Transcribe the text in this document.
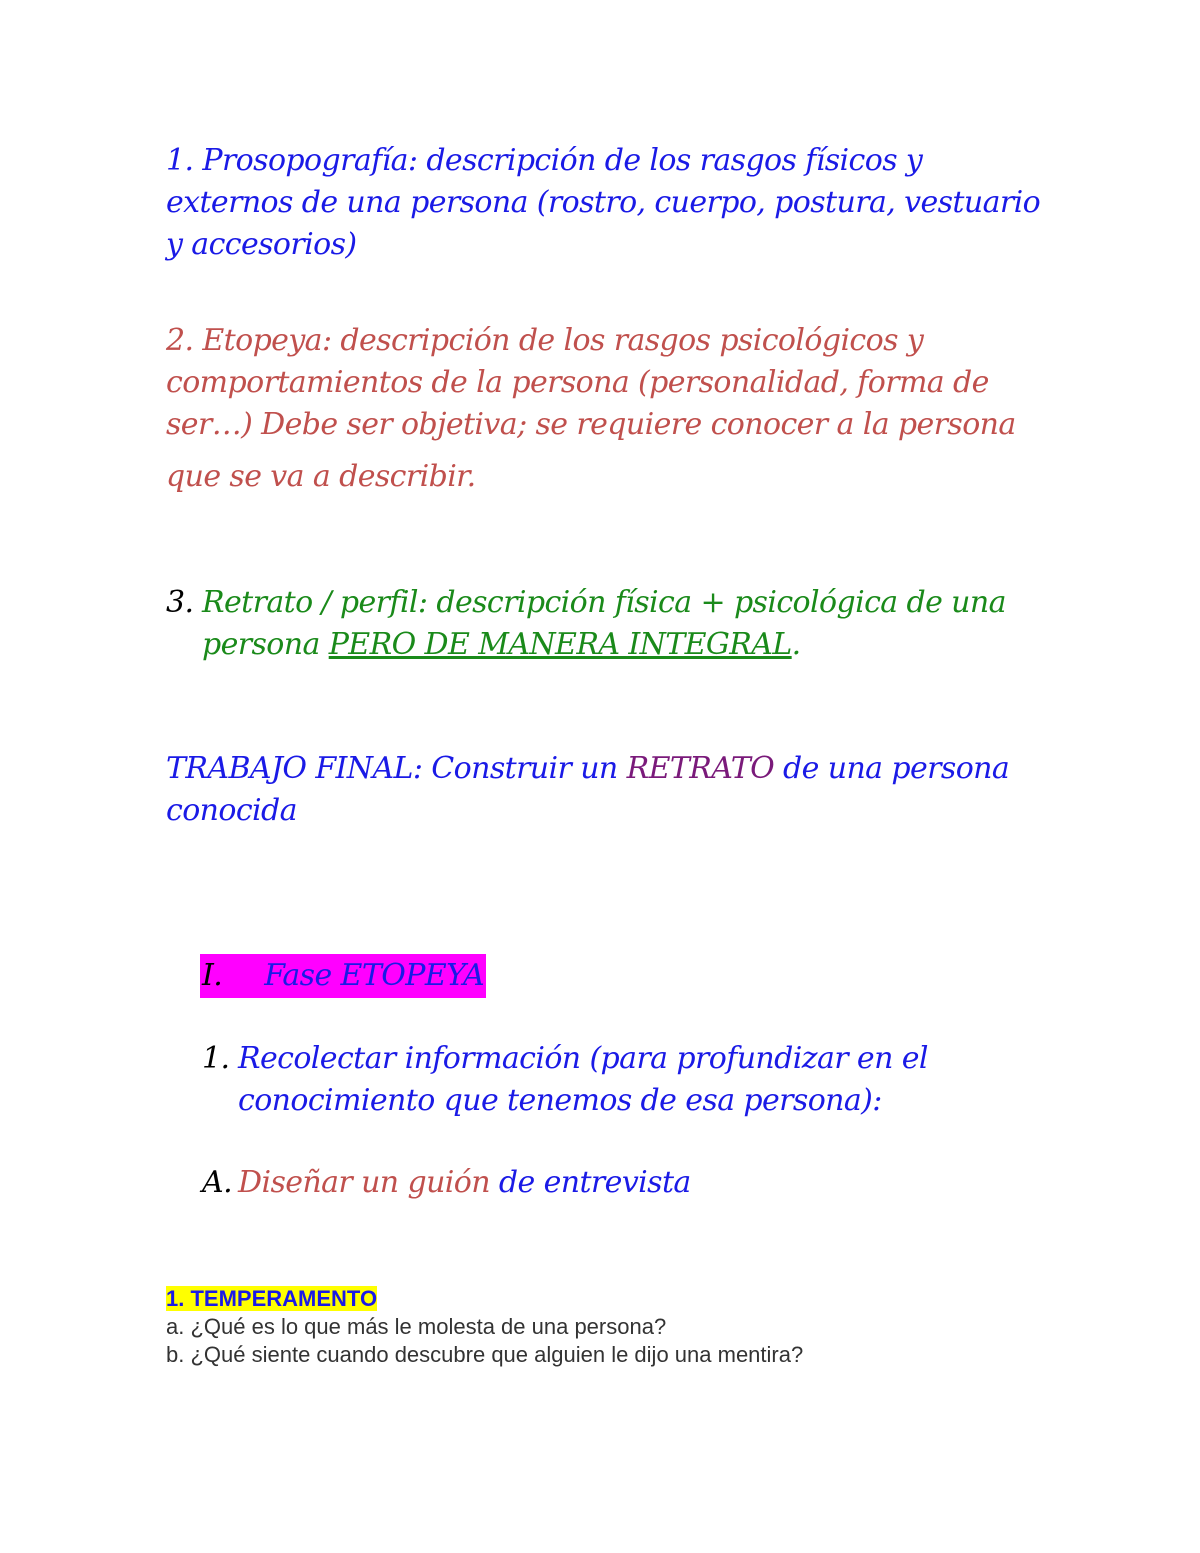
1. Prosopografía: descripción de los rasgos físicos y externos de una persona (rostro, cuerpo, postura, vestuario y accesorios)
2. Etopeya: descripción de los rasgos psicológicos y comportamientos de la persona (personalidad, forma de ser…) Debe ser objetiva; se requiere conocer a la persona
que se va a describir.
3. Retrato / perfil: descripción física + psicológica de una persona PERO DE MANERA INTEGRAL.
TRABAJO FINAL: Construir un RETRATO de una persona conocida
I. Fase ETOPEYA
1. Recolectar información (para profundizar en el conocimiento que tenemos de esa persona):
A. Diseñar un guión de entrevista
1. TEMPERAMENTO
a. ¿Qué es lo que más le molesta de una persona?
b. ¿Qué siente cuando descubre que alguien le dijo una mentira?
